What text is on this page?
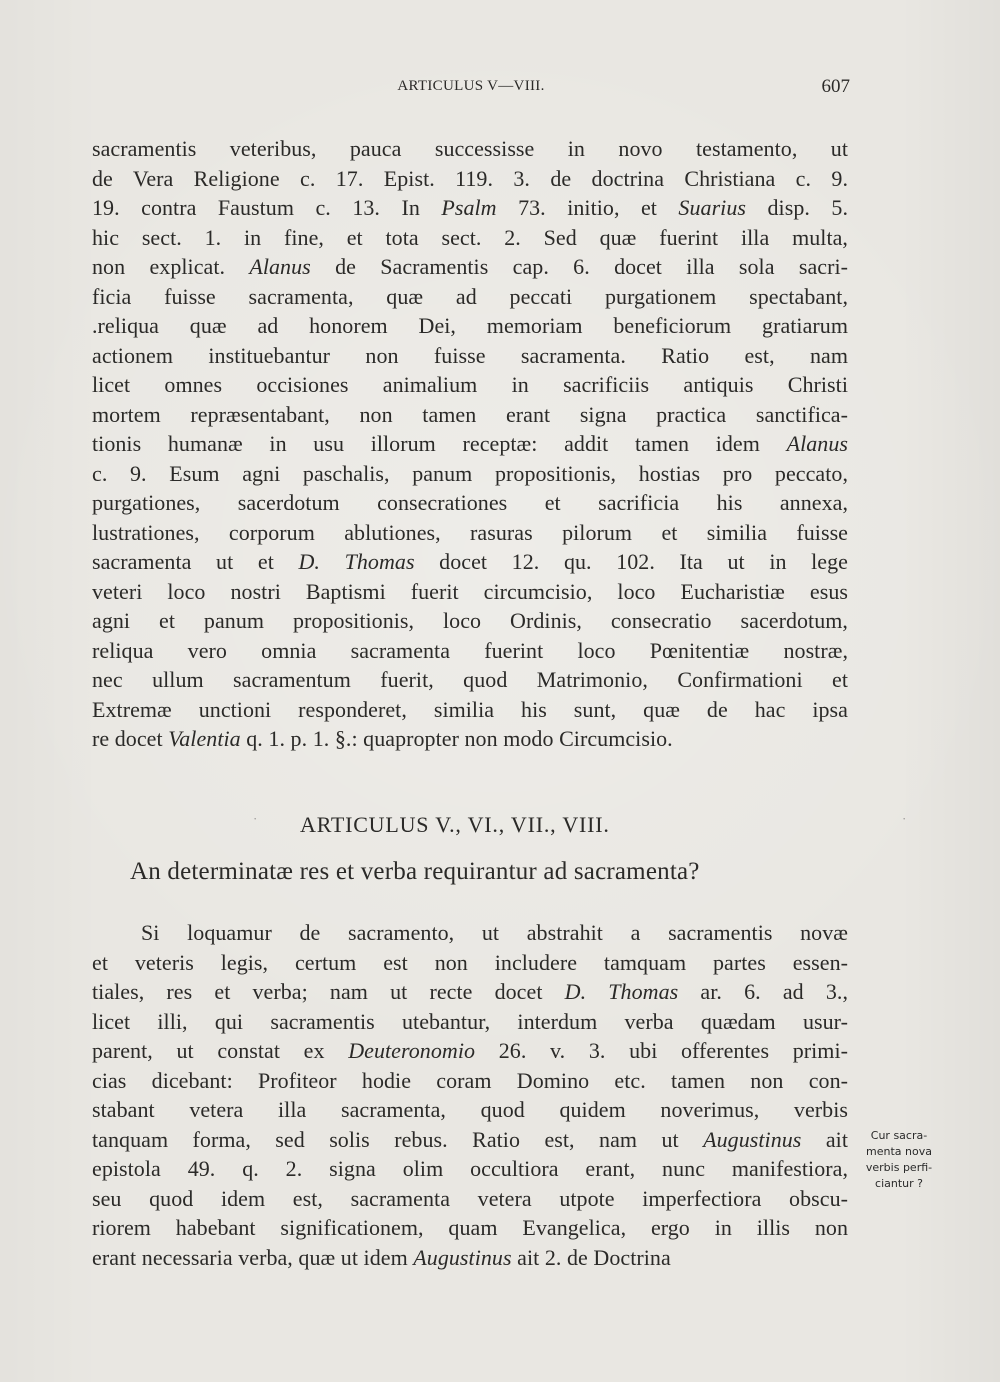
ARTICULUS V—VIII.	607
sacramentis veteribus, pauca successisse in novo testamento, ut
de Vera Religione c. 17. Epist. 119. 3. de doctrina Christiana c. 9.
19. contra Faustum c. 13. In Psalm 73. initio, et Suarius disp. 5.
hic sect. 1. in fine, et tota sect. 2. Sed quæ fuerint illa multa,
non explicat. Alanus de Sacramentis cap. 6. docet illa sola sacri-
ficia fuisse sacramenta, quæ ad peccati purgationem spectabant,
.reliqua quæ ad honorem Dei, memoriam beneficiorum gratiarum
actionem instituebantur non fuisse sacramenta. Ratio est, nam
licet omnes occisiones animalium in sacrificiis antiquis Christi
mortem repræsentabant, non tamen erant signa practica sanctifica-
tionis humanæ in usu illorum receptæ: addit tamen idem Alanus
c. 9. Esum agni paschalis, panum propositionis, hostias pro peccato,
purgationes, sacerdotum consecrationes et sacrificia his annexa,
lustrationes, corporum ablutiones, rasuras pilorum et similia fuisse
sacramenta ut et D. Thomas docet 12. qu. 102. Ita ut in lege
veteri loco nostri Baptismi fuerit circumcisio, loco Eucharistiæ esus
agni et panum propositionis, loco Ordinis, consecratio sacerdotum,
reliqua vero omnia sacramenta fuerint loco Pœnitentiæ nostræ,
nec ullum sacramentum fuerit, quod Matrimonio, Confirmationi et
Extremæ unctioni responderet, similia his sunt, quæ de hac ipsa
re docet Valentia q. 1. p. 1. §.: quapropter non modo Circumcisio.
· ARTICULUS V., VI., VII., VIII.	·
An determinatæ res et verba requirantur ad sacramenta?
Si loquamur de sacramento, ut abstrahit a sacramentis novæ
et veteris legis, certum est non includere tamquam partes essen-
tiales, res et verba; nam ut recte docet D. Thomas ar. 6. ad 3.,
licet illi, qui sacramentis utebantur, interdum verba quædam usur-
parent, ut constat ex Deuteronomio 26. v. 3. ubi offerentes primi-
cias dicebant: Profiteor hodie coram Domino etc. tamen non con-
stabant vetera illa sacramenta, quod quidem noverimus, verbis
tanquam forma, sed solis rebus. Ratio est, nam ut Augustinus ait
epistola 49. q. 2. signa olim occultiora erant, nunc manifestiora,
seu quod idem est, sacramenta vetera utpote imperfectiora obscu-
riorem habebant significationem, quam Evangelica, ergo in illis non
erant necessaria verba, quæ ut idem Augustinus ait 2. de Doctrina
Cur sacra-
menta nova
verbis perfi-
ciantur ?
